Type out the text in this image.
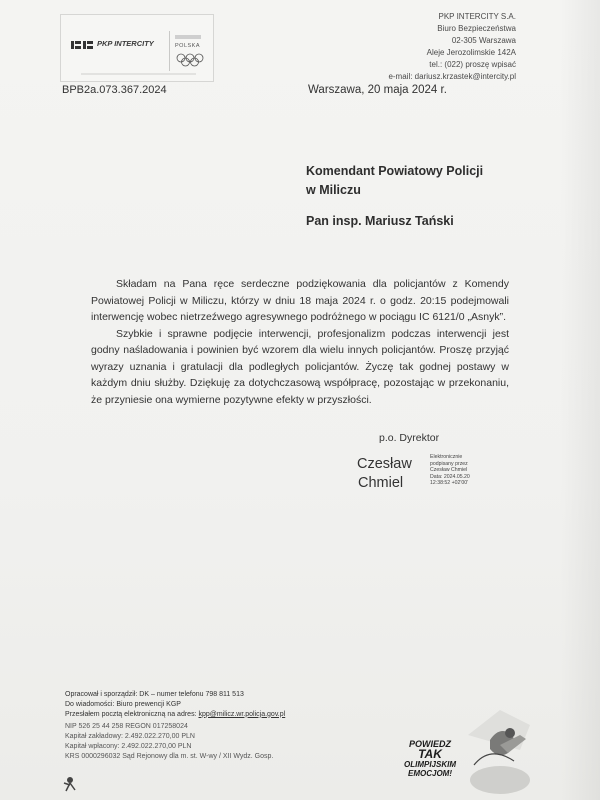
PKP INTERCITY	POLSKA
BPB2a.073.367.2024
PKP INTERCITY S.A.
Biuro Bezpieczeństwa
02-305 Warszawa
Aleje Jerozolimskie 142A
tel.: (022) proszę wpisać
e-mail: dariusz.krzastek@intercity.pl
Warszawa, 20 maja 2024 r.
Komendant Powiatowy Policji
w Miliczu
Pan insp. Mariusz Tański

Składam na Pana ręce serdeczne podziękowania dla policjantów z Komendy Powiatowej Policji w Miliczu, którzy w dniu 18 maja 2024 r. o godz. 20:15 podejmowali interwencję wobec nietrzeźwego agresywnego podróżnego w pociągu IC 6121/0 „Asnyk”.

Szybkie i sprawne podjęcie interwencji, profesjonalizm podczas interwencji jest godny naśladowania i powinien być wzorem dla wielu innych policjantów. Proszę przyjąć wyrazy uznania i gratulacji dla podległych policjantów. Życzę tak godnej postawy w każdym dniu służby. Dziękuję za dotychczasową współpracę, pozostając w przekonaniu, że przyniesie ona wymierne pozytywne efekty w przyszłości.

p.o. Dyrektor
Czesław
Chmiel
Elektronicznie
podpisany przez
Czesław Chmiel
Data: 2024.05.20
12:38:52 +02'00'
Opracował i sporządził: DK – numer telefonu 798 811 513
Do wiadomości: Biuro prewencji KGP
Przesłałem pocztą elektroniczną na adres: kpp@milicz.wr.policja.gov.pl
NIP 526 25 44 258 REGON 017258024
Kapitał zakładowy: 2.492.022.270,00 PLN
Kapitał wpłacony: 2.492.022.270,00 PLN
KRS 0000296032 Sąd Rejonowy dla m. st. W-wy / XII Wydz. Gosp.
POWIEDZ
TAK
OLIMPIJSKIM
EMOCJOM!
